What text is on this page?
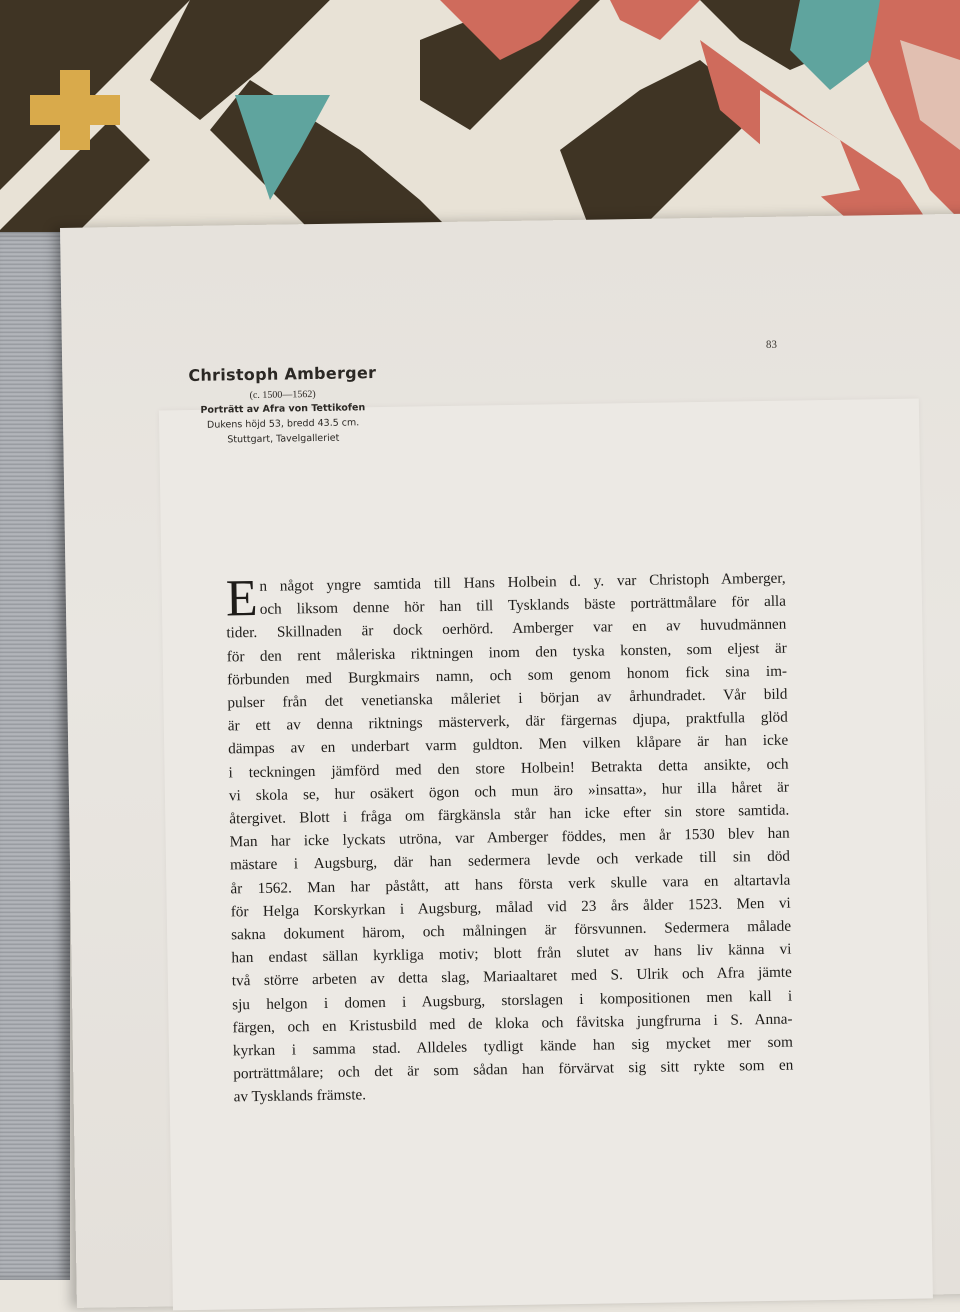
83
Christoph Amberger
(c. 1500—1562)
Porträtt av Afra von Tettikofen
Dukens höjd 53, bredd 43.5 cm.
Stuttgart, Tavelgalleriet
E n något yngre samtida till Hans Holbein d. y. var Christoph Amberger,
och liksom denne hör han till Tysklands bäste porträttmålare för alla
tider. Skillnaden är dock oerhörd. Amberger var en av huvudmännen
för den rent måleriska riktningen inom den tyska konsten, som eljest är
förbunden med Burgkmairs namn, och som genom honom fick sina im-
pulser från det venetianska måleriet i början av århundradet. Vår bild
är ett av denna riktnings mästerverk, där färgernas djupa, praktfulla glöd
dämpas av en underbart varm guldton. Men vilken klåpare är han icke
i teckningen jämförd med den store Holbein! Betrakta detta ansikte, och
vi skola se, hur osäkert ögon och mun äro »insatta», hur illa håret är
återgivet. Blott i fråga om färgkänsla står han icke efter sin store samtida.
Man har icke lyckats utröna, var Amberger föddes, men år 1530 blev han
mästare i Augsburg, där han sedermera levde och verkade till sin död
år 1562. Man har påstått, att hans första verk skulle vara en altartavla
för Helga Korskyrkan i Augsburg, målad vid 23 års ålder 1523. Men vi
sakna dokument härom, och målningen är försvunnen. Sedermera målade
han endast sällan kyrkliga motiv; blott från slutet av hans liv känna vi
två större arbeten av detta slag, Mariaaltaret med S. Ulrik och Afra jämte
sju helgon i domen i Augsburg, storslagen i kompositionen men kall i
färgen, och en Kristusbild med de kloka och fåvitska jungfrurna i S. Anna-
kyrkan i samma stad. Alldeles tydligt kände han sig mycket mer som
porträttmålare; och det är som sådan han förvärvat sig sitt rykte som en
av Tysklands främste.
